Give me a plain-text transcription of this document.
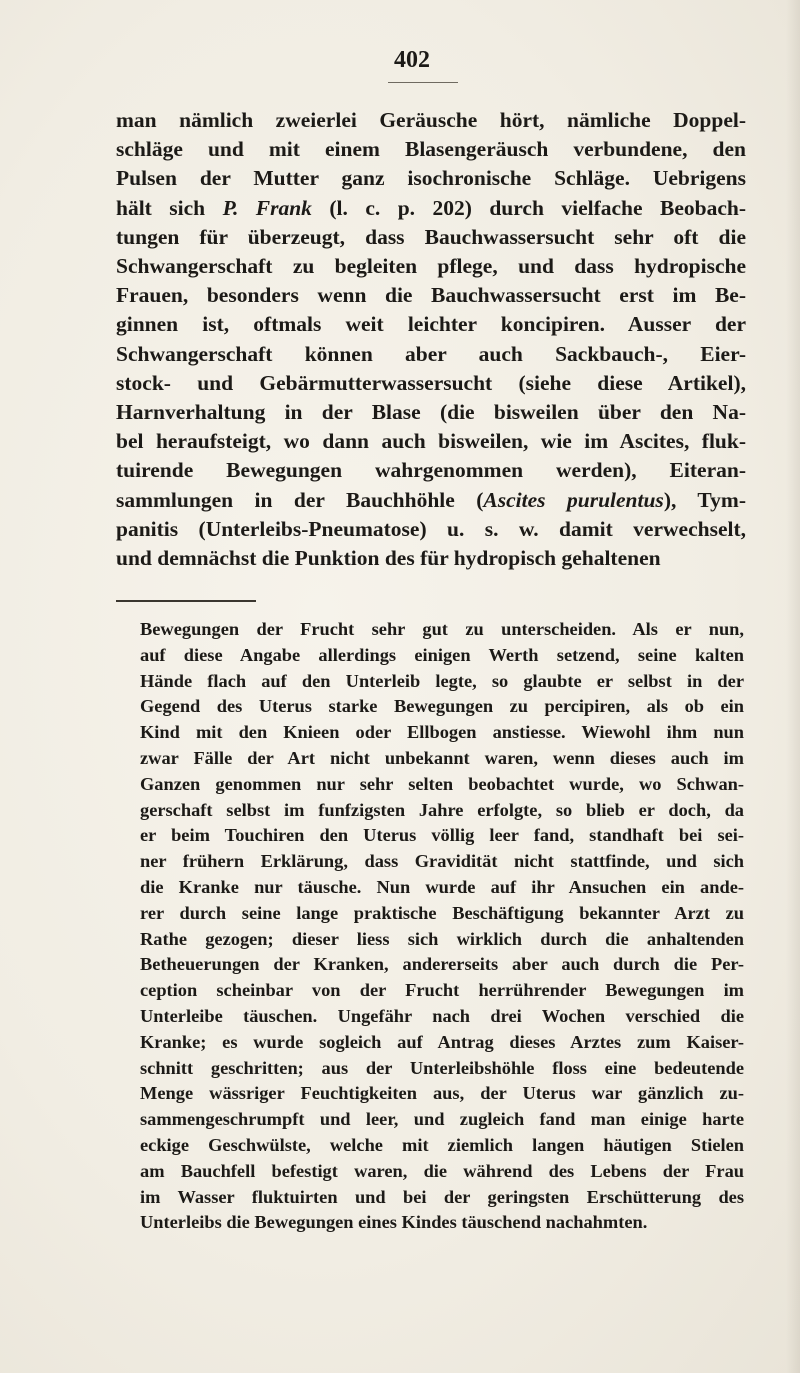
402
man nämlich zweierlei Geräusche hört, nämliche Doppel-
schläge und mit einem Blasengeräusch verbundene, den
Pulsen der Mutter ganz isochronische Schläge. Uebrigens
hält sich P. Frank (l. c. p. 202) durch vielfache Beobach-
tungen für überzeugt, dass Bauchwassersucht sehr oft die
Schwangerschaft zu begleiten pflege, und dass hydropische
Frauen, besonders wenn die Bauchwassersucht erst im Be-
ginnen ist, oftmals weit leichter koncipiren. Ausser der
Schwangerschaft können aber auch Sackbauch-, Eier-
stock- und Gebärmutterwassersucht (siehe diese Artikel),
Harnverhaltung in der Blase (die bisweilen über den Na-
bel heraufsteigt, wo dann auch bisweilen, wie im Ascites, fluk-
tuirende Bewegungen wahrgenommen werden), Eiteran-
sammlungen in der Bauchhöhle (Ascites purulentus), Tym-
panitis (Unterleibs-Pneumatose) u. s. w. damit verwechselt,
und demnächst die Punktion des für hydropisch gehaltenen
Bewegungen der Frucht sehr gut zu unterscheiden. Als er nun,
auf diese Angabe allerdings einigen Werth setzend, seine kalten
Hände flach auf den Unterleib legte, so glaubte er selbst in der
Gegend des Uterus starke Bewegungen zu percipiren, als ob ein
Kind mit den Knieen oder Ellbogen anstiesse. Wiewohl ihm nun
zwar Fälle der Art nicht unbekannt waren, wenn dieses auch im
Ganzen genommen nur sehr selten beobachtet wurde, wo Schwan-
gerschaft selbst im funfzigsten Jahre erfolgte, so blieb er doch, da
er beim Touchiren den Uterus völlig leer fand, standhaft bei sei-
ner frühern Erklärung, dass Gravidität nicht stattfinde, und sich
die Kranke nur täusche. Nun wurde auf ihr Ansuchen ein ande-
rer durch seine lange praktische Beschäftigung bekannter Arzt zu
Rathe gezogen; dieser liess sich wirklich durch die anhaltenden
Betheuerungen der Kranken, andererseits aber auch durch die Per-
ception scheinbar von der Frucht herrührender Bewegungen im
Unterleibe täuschen. Ungefähr nach drei Wochen verschied die
Kranke; es wurde sogleich auf Antrag dieses Arztes zum Kaiser-
schnitt geschritten; aus der Unterleibshöhle floss eine bedeutende
Menge wässriger Feuchtigkeiten aus, der Uterus war gänzlich zu-
sammengeschrumpft und leer, und zugleich fand man einige harte
eckige Geschwülste, welche mit ziemlich langen häutigen Stielen
am Bauchfell befestigt waren, die während des Lebens der Frau
im Wasser fluktuirten und bei der geringsten Erschütterung des
Unterleibs die Bewegungen eines Kindes täuschend nachahmten.
